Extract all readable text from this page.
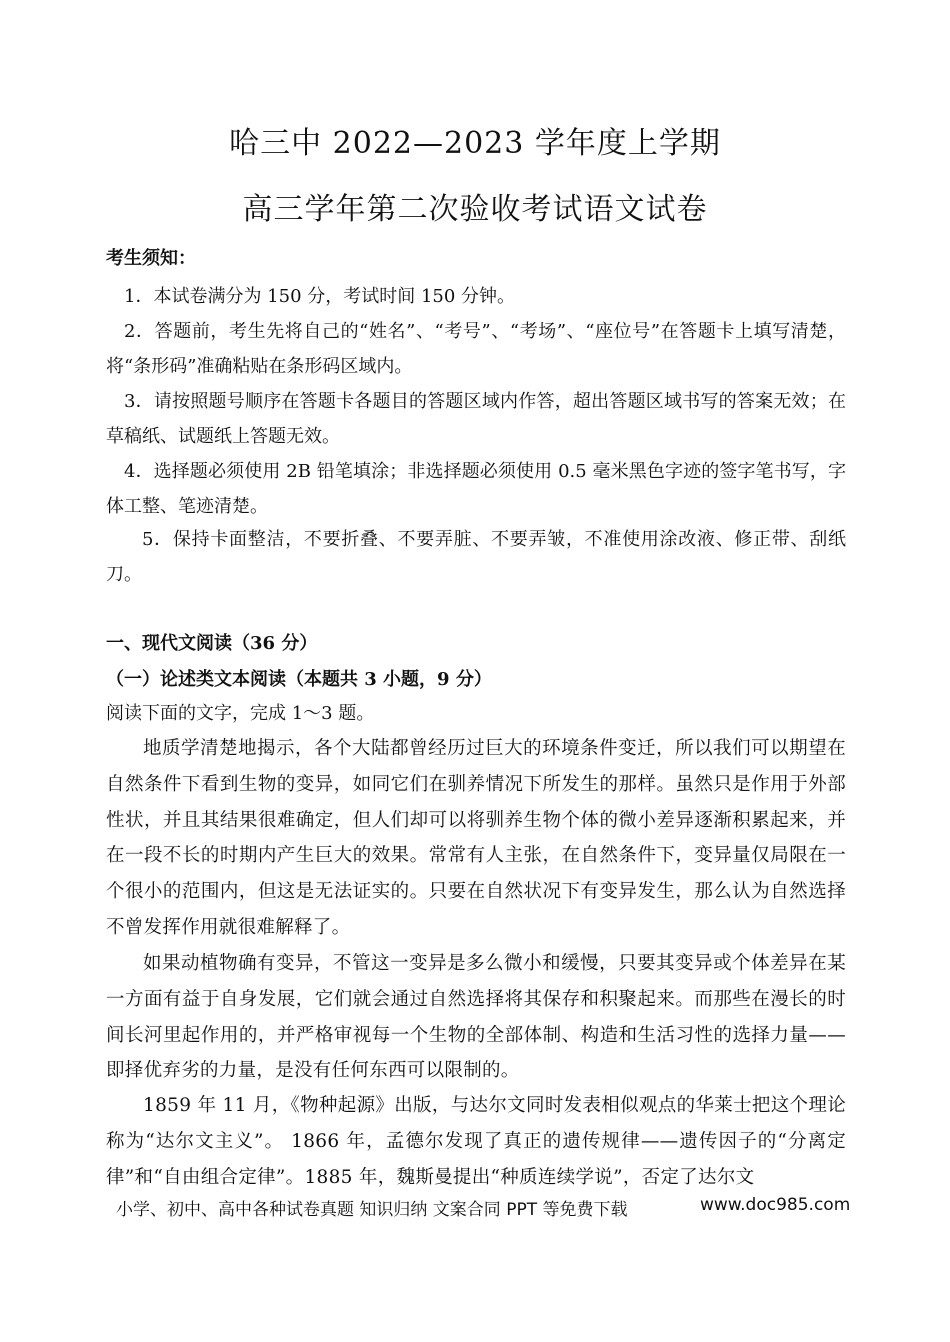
哈三中 2022—2023 学年度上学期
高三学年第二次验收考试语文试卷
考生须知：
1．本试卷满分为 150 分，考试时间 150 分钟。
2．答题前，考生先将自己的“姓名”、“考号”、“考场”、“座位号”在答题卡上填写清楚，将“条形码”准确粘贴在条形码区域内。
3．请按照题号顺序在答题卡各题目的答题区域内作答，超出答题区域书写的答案无效；在草稿纸、试题纸上答题无效。
4．选择题必须使用 2B 铅笔填涂；非选择题必须使用 0.5 毫米黑色字迹的签字笔书写，字体工整、笔迹清楚。
5．保持卡面整洁，不要折叠、不要弄脏、不要弄皱，不准使用涂改液、修正带、刮纸刀。
一、现代文阅读（36 分）
（一）论述类文本阅读（本题共 3 小题，9 分）
阅读下面的文字，完成 1～3 题。
地质学清楚地揭示，各个大陆都曾经历过巨大的环境条件变迁，所以我们可以期望在自然条件下看到生物的变异，如同它们在驯养情况下所发生的那样。虽然只是作用于外部性状，并且其结果很难确定，但人们却可以将驯养生物个体的微小差异逐渐积累起来，并在一段不长的时期内产生巨大的效果。常常有人主张，在自然条件下，变异量仅局限在一个很小的范围内，但这是无法证实的。只要在自然状况下有变异发生，那么认为自然选择不曾发挥作用就很难解释了。
如果动植物确有变异，不管这一变异是多么微小和缓慢，只要其变异或个体差异在某一方面有益于自身发展，它们就会通过自然选择将其保存和积聚起来。而那些在漫长的时间长河里起作用的，并严格审视每一个生物的全部体制、构造和生活习性的选择力量——即择优弃劣的力量，是没有任何东西可以限制的。
1859 年 11 月，《物种起源》出版，与达尔文同时发表相似观点的华莱士把这个理论称为“达尔文主义”。 1866 年，孟德尔发现了真正的遗传规律——遗传因子的“分离定律”和“自由组合定律”。1885 年，魏斯曼提出“种质连续学说”，否定了达尔文
小学、初中、高中各种试卷真题 知识归纳 文案合同 PPT 等免费下载	www.doc985.com
